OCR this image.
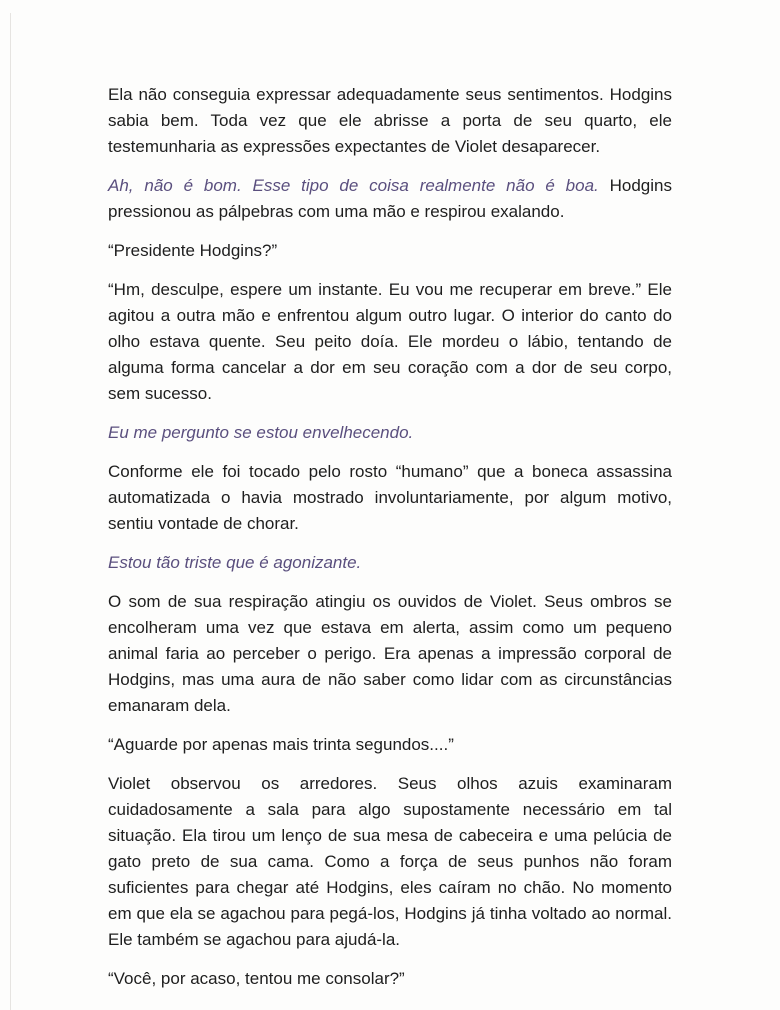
Ela não conseguia expressar adequadamente seus sentimentos. Hodgins sabia bem. Toda vez que ele abrisse a porta de seu quarto, ele testemunharia as expressões expectantes de Violet desaparecer.

Ah, não é bom. Esse tipo de coisa realmente não é boa. Hodgins pressionou as pálpebras com uma mão e respirou exalando.

“Presidente Hodgins?”

“Hm, desculpe, espere um instante. Eu vou me recuperar em breve.” Ele agitou a outra mão e enfrentou algum outro lugar. O interior do canto do olho estava quente. Seu peito doía. Ele mordeu o lábio, tentando de alguma forma cancelar a dor em seu coração com a dor de seu corpo, sem sucesso.

Eu me pergunto se estou envelhecendo.

Conforme ele foi tocado pelo rosto “humano” que a boneca assassina automatizada o havia mostrado involuntariamente, por algum motivo, sentiu vontade de chorar.

Estou tão triste que é agonizante.

O som de sua respiração atingiu os ouvidos de Violet. Seus ombros se encolheram uma vez que estava em alerta, assim como um pequeno animal faria ao perceber o perigo. Era apenas a impressão corporal de Hodgins, mas uma aura de não saber como lidar com as circunstâncias emanaram dela.

“Aguarde por apenas mais trinta segundos....”

Violet observou os arredores. Seus olhos azuis examinaram cuidadosamente a sala para algo supostamente necessário em tal situação. Ela tirou um lenço de sua mesa de cabeceira e uma pelúcia de gato preto de sua cama. Como a força de seus punhos não foram suficientes para chegar até Hodgins, eles caíram no chão. No momento em que ela se agachou para pegá-los, Hodgins já tinha voltado ao normal. Ele também se agachou para ajudá-la.

“Você, por acaso, tentou me consolar?”
